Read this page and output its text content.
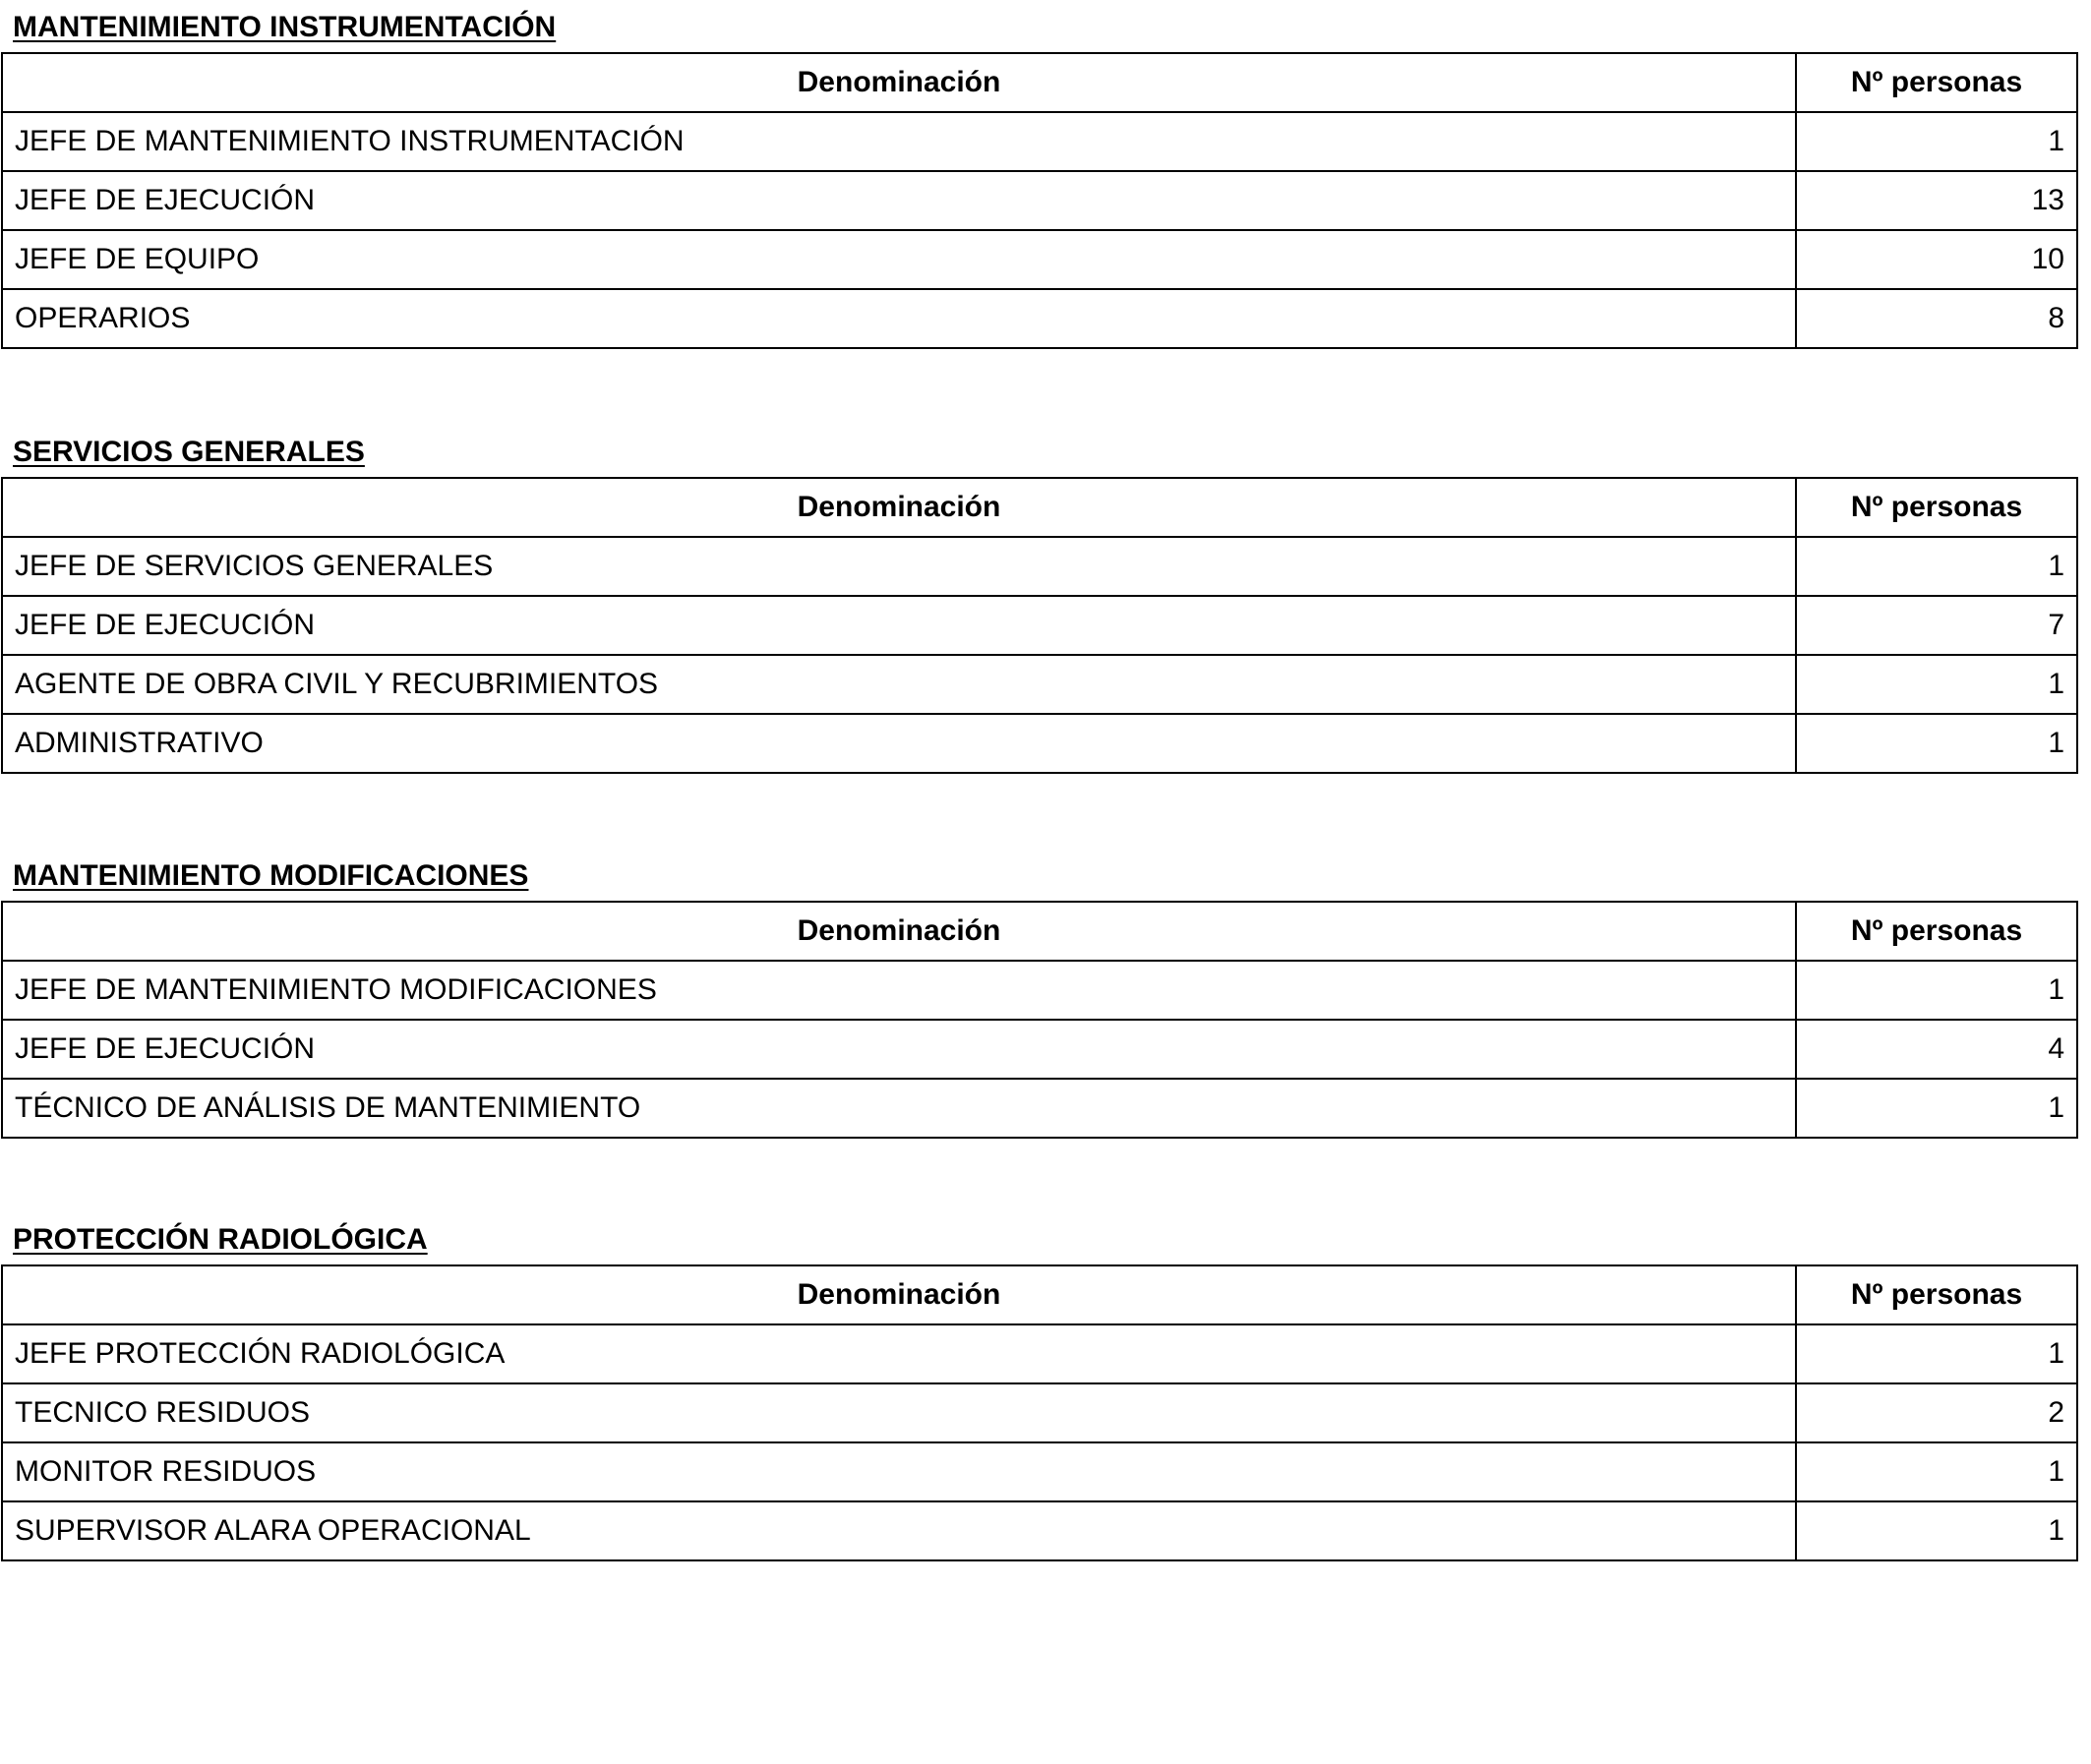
MANTENIMIENTO INSTRUMENTACIÓN
Denominación	Nº personas
JEFE DE MANTENIMIENTO INSTRUMENTACIÓN	1
JEFE DE EJECUCIÓN	13
JEFE DE EQUIPO	10
OPERARIOS	8
SERVICIOS GENERALES
Denominación	Nº personas
JEFE DE SERVICIOS GENERALES	1
JEFE DE EJECUCIÓN	7
AGENTE DE OBRA CIVIL Y RECUBRIMIENTOS	1
ADMINISTRATIVO	1
MANTENIMIENTO MODIFICACIONES
Denominación	Nº personas
JEFE DE MANTENIMIENTO MODIFICACIONES	1
JEFE DE EJECUCIÓN	4
TÉCNICO DE ANÁLISIS DE MANTENIMIENTO	1
PROTECCIÓN RADIOLÓGICA
Denominación	Nº personas
JEFE PROTECCIÓN RADIOLÓGICA	1
TECNICO RESIDUOS	2
MONITOR RESIDUOS	1
SUPERVISOR ALARA OPERACIONAL	1
